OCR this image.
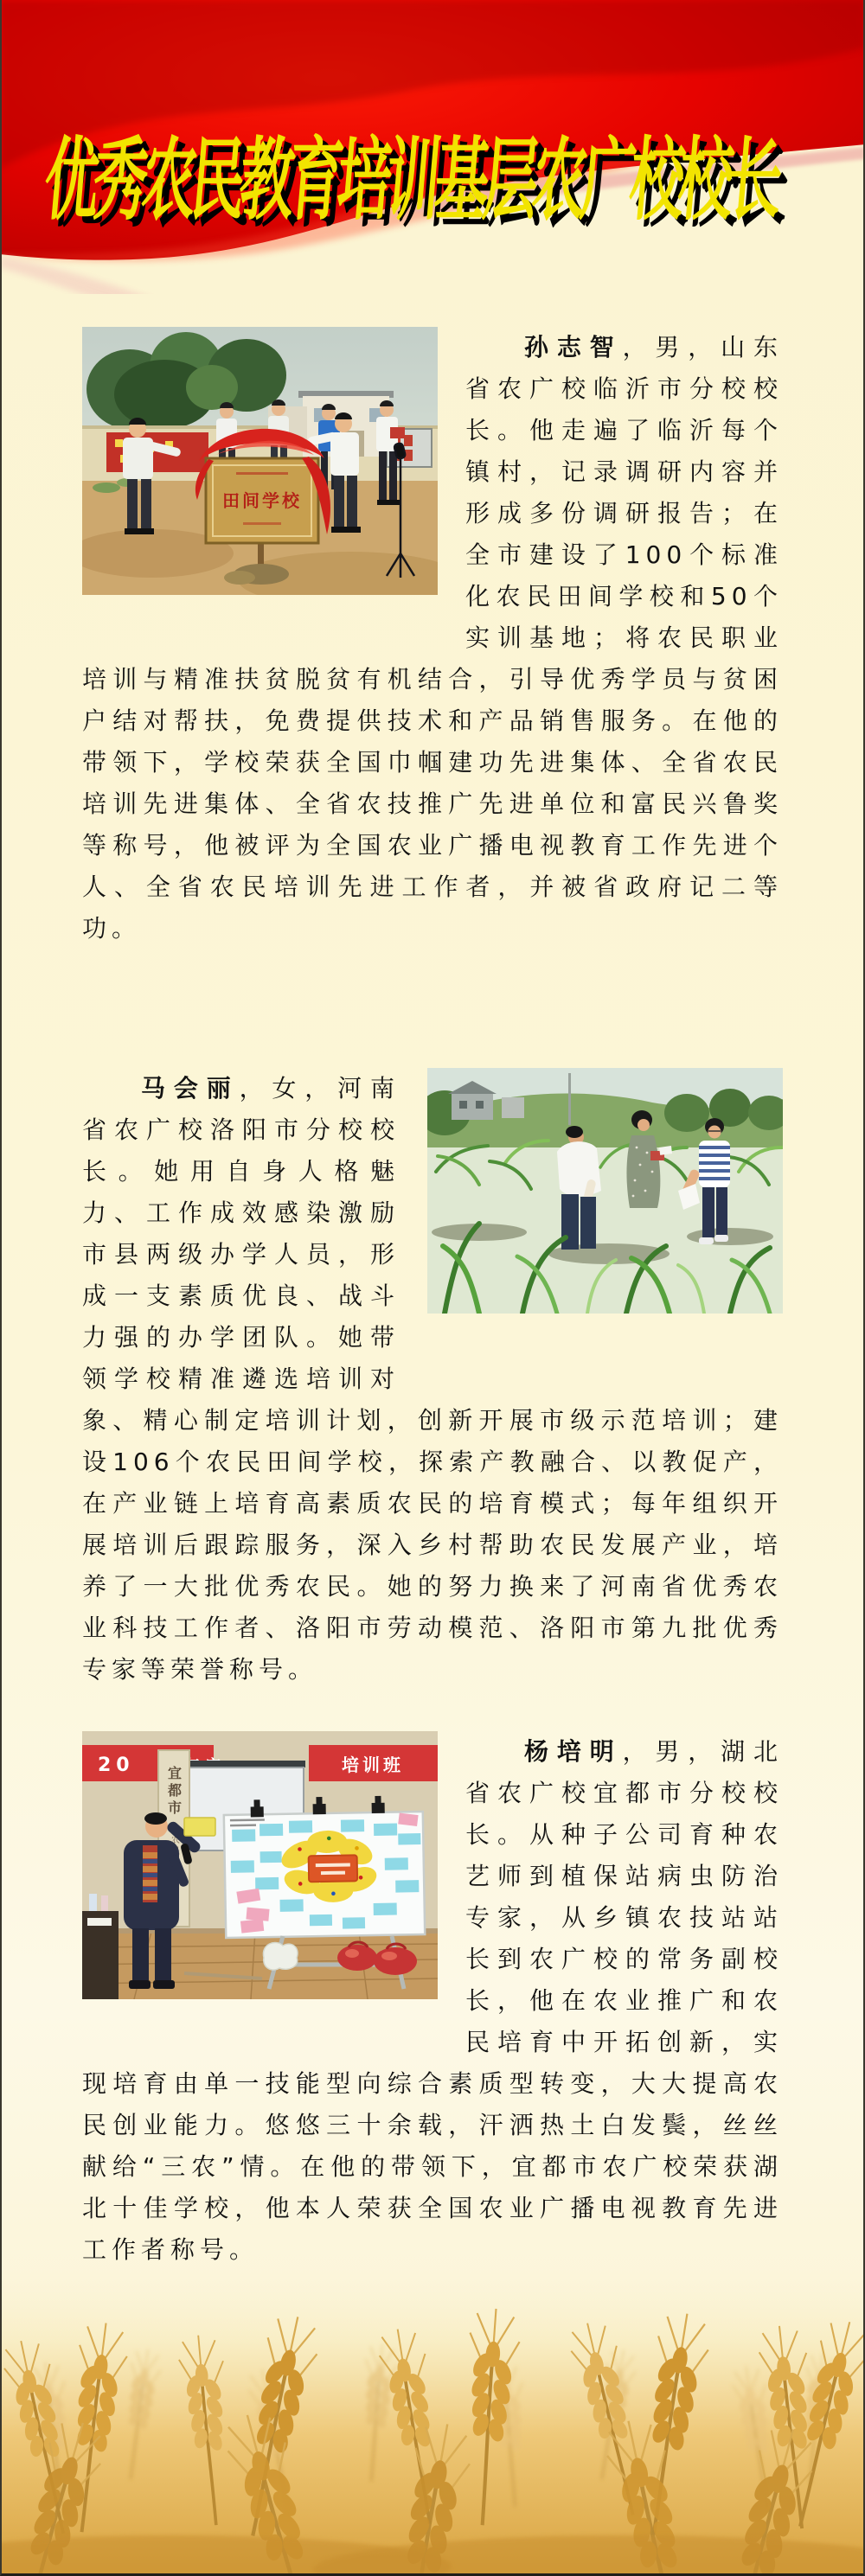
优秀农民教育培训基层农广校校长

田间学校
孙志智，男，山东省农广校临沂市分校校长。他走遍了临沂每个镇村，记录调研内容并形成多份调研报告；在全市建设了100个标准化农民田间学校和50个实训基地；将农民职业培训与精准扶贫脱贫有机结合，引导优秀学员与贫困户结对帮扶，免费提供技术和产品销售服务。在他的带领下，学校荣获全国巾帼建功先进集体、全省农民培训先进集体、全省农技推广先进单位和富民兴鲁奖等称号，他被评为全国农业广播电视教育工作先进个人、全省农民培训先进工作者，并被省政府记二等功。

马会丽，女，河南省农广校洛阳市分校校长。她用自身人格魅力、工作成效感染激励市县两级办学人员，形成一支素质优良、战斗力强的办学团队。她带领学校精准遴选培训对象、精心制定培训计划，创新开展市级示范培训；建设106个农民田间学校，探索产教融合、以教促产，在产业链上培育高素质农民的培育模式；每年组织开展培训后跟踪服务，深入乡村帮助农民发展产业，培养了一大批优秀农民。她的努力换来了河南省优秀农业科技工作者、洛阳市劳动模范、洛阳市第九批优秀专家等荣誉称号。

20	培训班
宜都市
杨培明，男，湖北省农广校宜都市分校校长。从种子公司育种农艺师到植保站病虫防治专家，从乡镇农技站站长到农广校的常务副校长，他在农业推广和农民培育中开拓创新，实现培育由单一技能型向综合素质型转变，大大提高农民创业能力。悠悠三十余载，汗洒热土白发鬓，丝丝献给“三农”情。在他的带领下，宜都市农广校荣获湖北十佳学校，他本人荣获全国农业广播电视教育先进工作者称号。
